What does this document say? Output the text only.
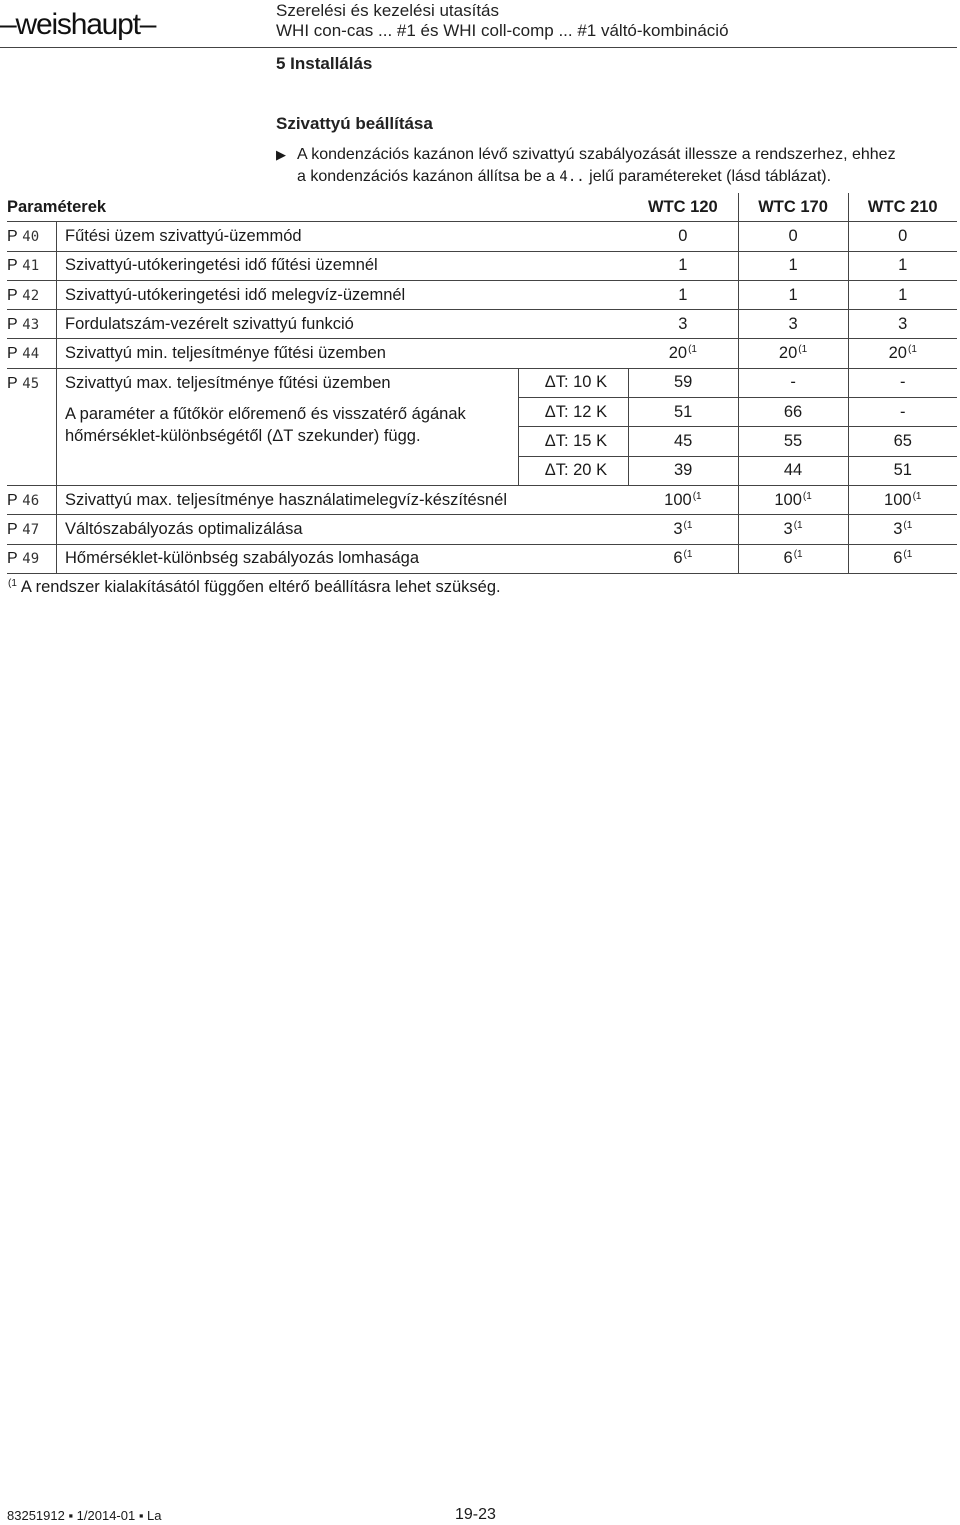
–weishaupt–	Szerelési és kezelési utasítás
WHI con-cas ... #1 és WHI coll-comp ... #1 váltó-kombináció
5 Installálás
Szivattyú beállítása
▶ A kondenzációs kazánon lévő szivattyú szabályozását illessze a rendszerhez, ehhez
a kondenzációs kazánon állítsa be a 4.. jelű paramétereket (lásd táblázat).
Paraméterek			WTC 120	WTC 170	WTC 210
P 40	Fűtési üzem szivattyú-üzemmód		0	0	0
P 41	Szivattyú-utókeringetési idő fűtési üzemnél		1	1	1
P 42	Szivattyú-utókeringetési idő melegvíz-üzemnél		1	1	1
P 43	Fordulatszám-vezérelt szivattyú funkció		3	3	3
P 44	Szivattyú min. teljesítménye fűtési üzemben		20$^{(1}$	20$^{(1}$	20$^{(1}$
P 45	Szivattyú max. teljesítménye fűtési üzemben	ΔT: 10 K	59	-	-

	A paraméter a fűtőkör előremenő és visszatérő ágának
hőmérséklet-különbségétől (ΔT szekunder) függ.	ΔT: 12 K	51	66	-
		ΔT: 15 K	45	55	65
		ΔT: 20 K	39	44	51
P 46	Szivattyú max. teljesítménye használatimelegvíz-készítésnél		100$^{(1}$	100$^{(1}$	100$^{(1}$
P 47	Váltószabályozás optimalizálása		3$^{(1}$	3$^{(1}$	3$^{(1}$
P 49	Hőmérséklet-különbség szabályozás lomhasága		6$^{(1}$	6$^{(1}$	6$^{(1}$
$^{(1}$ A rendszer kialakításától függően eltérő beállításra lehet szükség.
83251912 ▪ 1/2014-01 ▪ La	19-23
